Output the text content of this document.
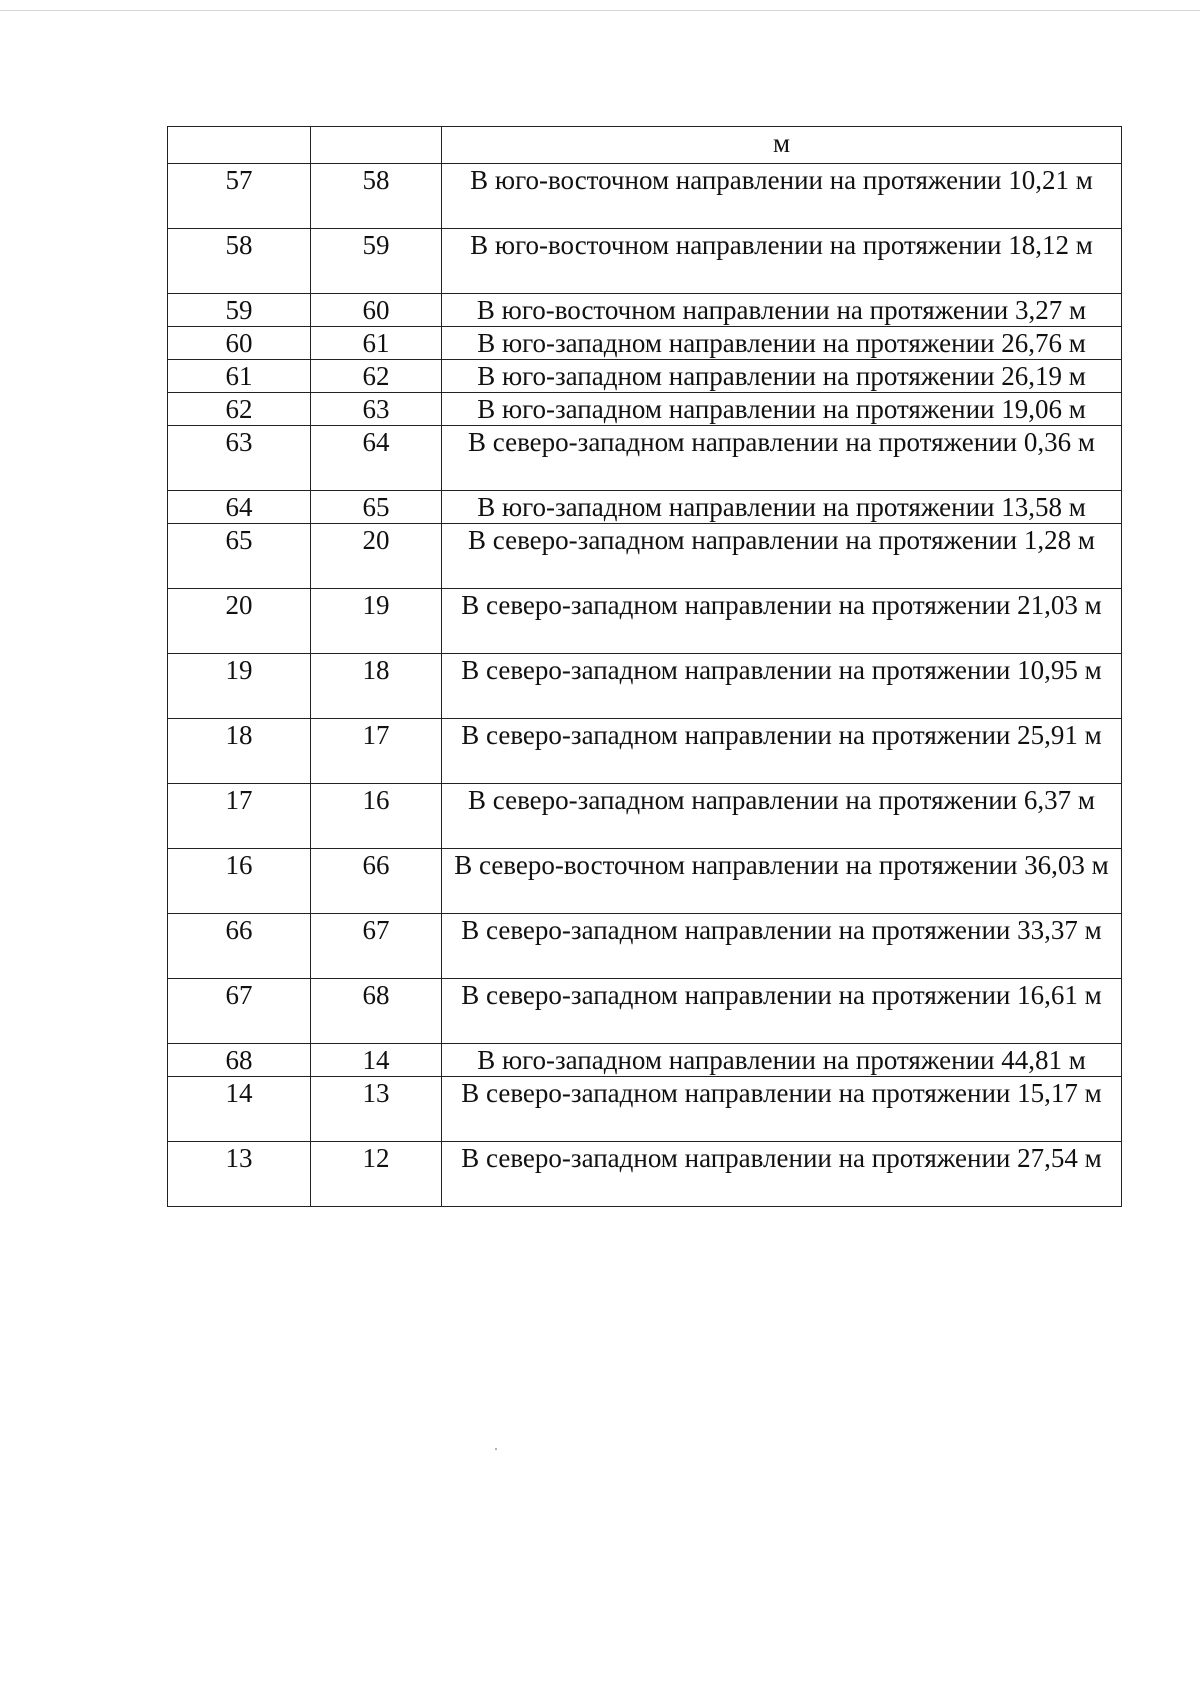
		м
57	58	В юго-восточном направлении на протяжении 10,21 м
58	59	В юго-восточном направлении на протяжении 18,12 м
59	60	В юго-восточном направлении на протяжении 3,27 м
60	61	В юго-западном направлении на протяжении 26,76 м
61	62	В юго-западном направлении на протяжении 26,19 м
62	63	В юго-западном направлении на протяжении 19,06 м
63	64	В северо-западном направлении на протяжении 0,36 м
64	65	В юго-западном направлении на протяжении 13,58 м
65	20	В северо-западном направлении на протяжении 1,28 м
20	19	В северо-западном направлении на протяжении 21,03 м
19	18	В северо-западном направлении на протяжении 10,95 м
18	17	В северо-западном направлении на протяжении 25,91 м
17	16	В северо-западном направлении на протяжении 6,37 м
16	66	В северо-восточном направлении на протяжении 36,03 м
66	67	В северо-западном направлении на протяжении 33,37 м
67	68	В северо-западном направлении на протяжении 16,61 м
68	14	В юго-западном направлении на протяжении 44,81 м
14	13	В северо-западном направлении на протяжении 15,17 м
13	12	В северо-западном направлении на протяжении 27,54 м
